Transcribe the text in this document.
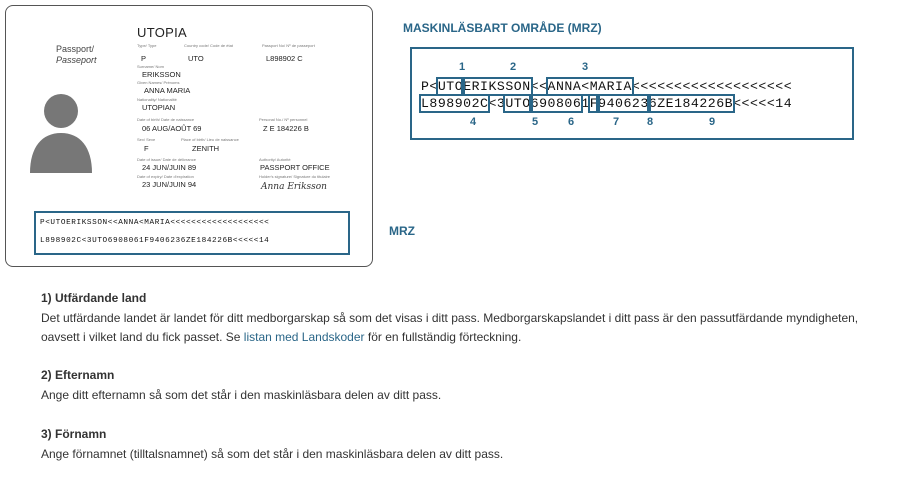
Passport/
Passeport
UTOPIA
Type/ Type	Country code/ Code de état	Passport No/ Nº de passeport
P	UTO	L898902 C
Surname/ Nom
ERIKSSON
Given Names/ Prénoms
ANNA MARIA
Nationality/ Nationalité
UTOPIAN
Date of birth/ Date de naissance	Personal No./ Nº personnel
06 AUG/AOÛT 69	Z E 184226 B
Sex/ Sexe	Place of birth/ Lieu de naissance
F	ZENITH
Date of issue/ Date de délivrance	Authority/ Autorité
24 JUN/JUIN 89	PASSPORT OFFICE
Date of expiry/ Date d'expiration	Holder's signature/ Signature du titulaire
23 JUN/JUIN 94	Anna Eriksson
P<UTOERIKSSON<<ANNA<MARIA<<<<<<<<<<<<<<<<<<<
L898902C<3UTO6908061F9406236ZE184226B<<<<<14
MRZ
MASKINLÄSBART OMRÅDE (MRZ)
P<UTOERIKSSON<<ANNA<MARIA<<<<<<<<<<<<<<<<<<<
L898902C<3UTO6908061F9406236ZE184226B<<<<<14
1	2	3
4	5	6	7	8	9
1) Utfärdande land
Det utfärdande landet är landet för ditt medborgarskap så som det visas i ditt pass. Medborgarskapslandet i ditt pass är den passutfärdande myndigheten, oavsett i vilket land du fick passet. Se listan med Landskoder för en fullständig förteckning.
2) Efternamn
Ange ditt efternamn så som det står i den maskinläsbara delen av ditt pass.
3) Förnamn
Ange förnamnet (tilltalsnamnet) så som det står i den maskinläsbara delen av ditt pass.
